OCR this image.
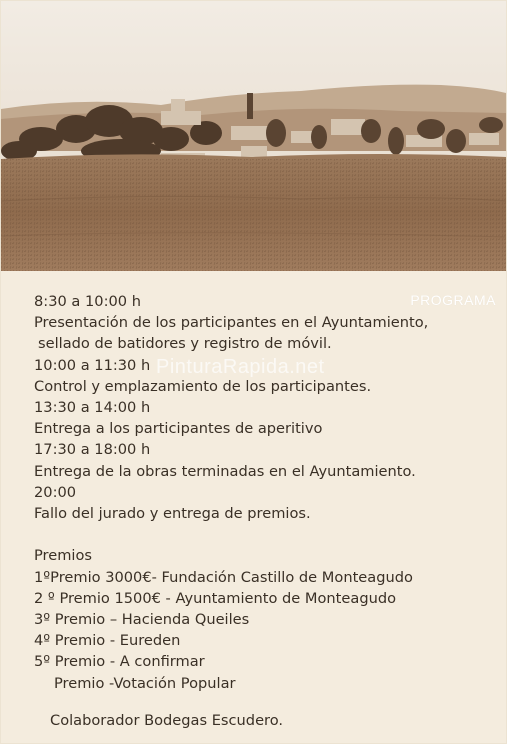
PROGRAMA
PinturaRapida.net
8:30 a 10:00 h
Presentación de los participantes en el Ayuntamiento,
sellado de batidores y registro de móvil.
10:00 a 11:30 h
Control y emplazamiento de los participantes.
13:30 a 14:00 h
Entrega a los participantes de aperitivo
17:30 a 18:00 h
Entrega de la obras terminadas en el Ayuntamiento.
20:00
Fallo del jurado y entrega de premios.
Premios
1ºPremio 3000€- Fundación Castillo de Monteagudo
2 º Premio 1500€ - Ayuntamiento de Monteagudo
3º Premio – Hacienda Queiles
4º Premio - Eureden
5º Premio - A confirmar
Premio -Votación Popular
Colaborador Bodegas Escudero.
